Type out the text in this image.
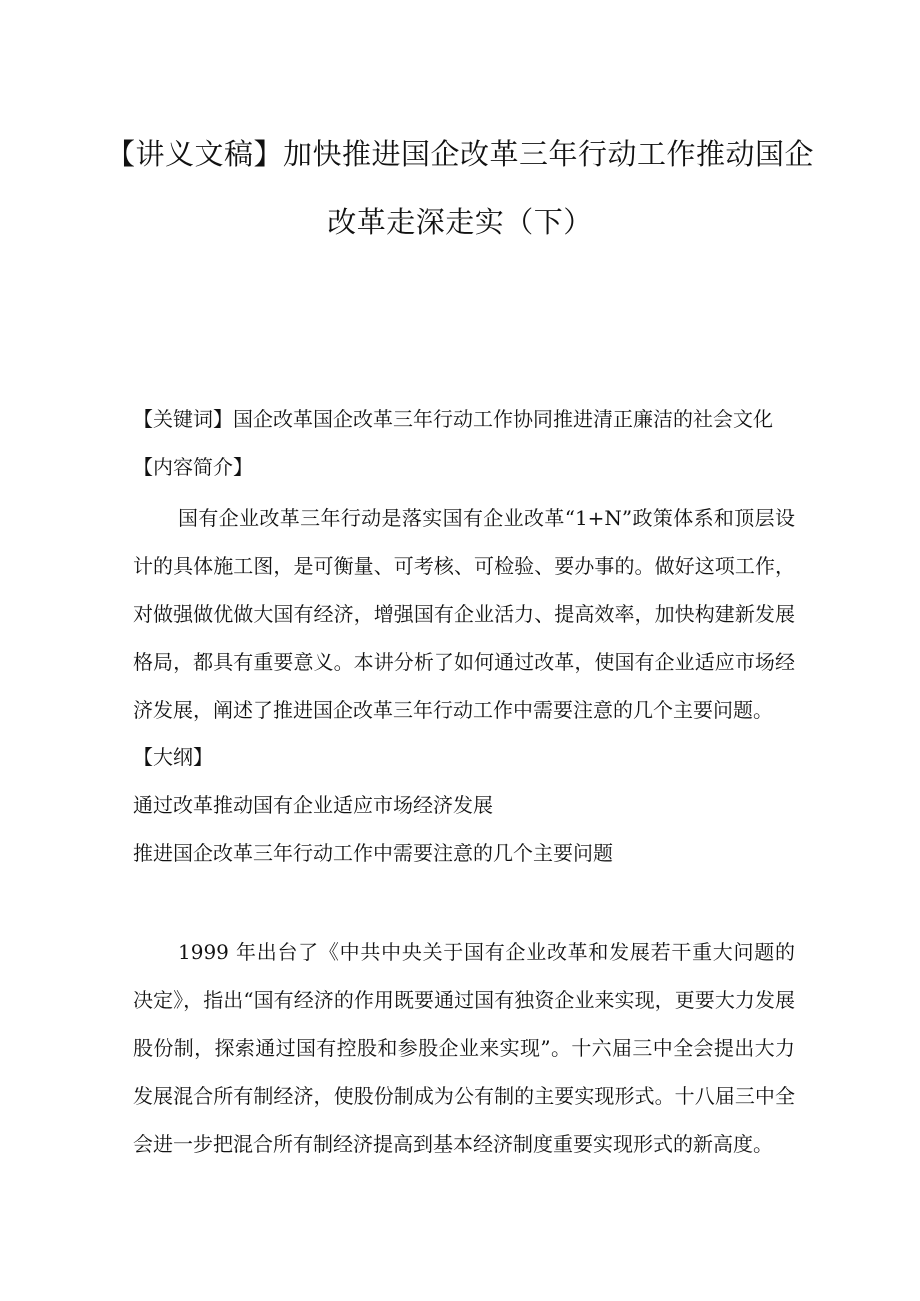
【讲义文稿】加快推进国企改革三年行动工作推动国企
改革走深走实（下）

【关键词】国企改革国企改革三年行动工作协同推进清正廉洁的社会文化

【内容简介】

国有企业改革三年行动是落实国有企业改革“1+N”政策体系和顶层设计的具体施工图，是可衡量、可考核、可检验、要办事的。做好这项工作，对做强做优做大国有经济，增强国有企业活力、提高效率，加快构建新发展格局，都具有重要意义。本讲分析了如何通过改革，使国有企业适应市场经济发展，阐述了推进国企改革三年行动工作中需要注意的几个主要问题。

【大纲】

通过改革推动国有企业适应市场经济发展

推进国企改革三年行动工作中需要注意的几个主要问题

1999 年出台了《中共中央关于国有企业改革和发展若干重大问题的决定》，指出“国有经济的作用既要通过国有独资企业来实现，更要大力发展股份制，探索通过国有控股和参股企业来实现”。十六届三中全会提出大力发展混合所有制经济，使股份制成为公有制的主要实现形式。十八届三中全会进一步把混合所有制经济提高到基本经济制度重要实现形式的新高度。
